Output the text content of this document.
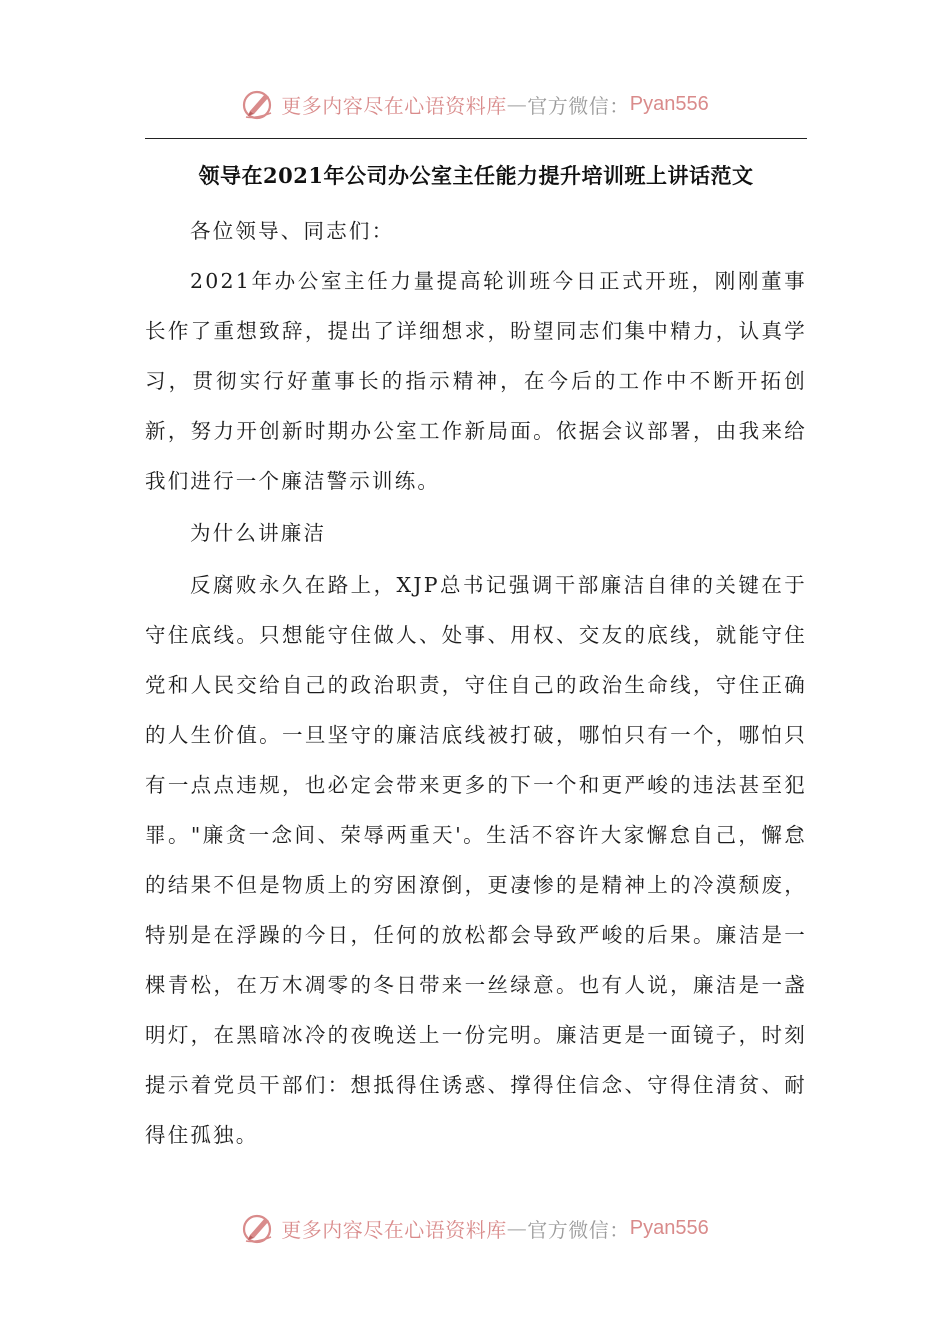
更多内容尽在心语资料库 — 官方微信： Pyan556
领导在2021年公司办公室主任能力提升培训班上讲话范文

各位领导、同志们：

2021年办公室主任力量提高轮训班今日正式开班，刚刚董事长作了重想致辞，提出了详细想求，盼望同志们集中精力，认真学习，贯彻实行好董事长的指示精神，在今后的工作中不断开拓创新，努力开创新时期办公室工作新局面。依据会议部署，由我来给我们进行一个廉洁警示训练。

为什么讲廉洁

反腐败永久在路上，XJP总书记强调干部廉洁自律的关键在于守住底线。只想能守住做人、处事、用权、交友的底线，就能守住党和人民交给自己的政治职责，守住自己的政治生命线，守住正确的人生价值。一旦坚守的廉洁底线被打破，哪怕只有一个，哪怕只有一点点违规，也必定会带来更多的下一个和更严峻的违法甚至犯罪。"廉贪一念间、荣辱两重天'。生活不容许大家懈怠自己，懈怠的结果不但是物质上的穷困潦倒，更凄惨的是精神上的冷漠颓废，特别是在浮躁的今日，任何的放松都会导致严峻的后果。廉洁是一棵青松，在万木凋零的冬日带来一丝绿意。也有人说，廉洁是一盏明灯，在黑暗冰冷的夜晚送上一份完明。廉洁更是一面镜子，时刻提示着党员干部们：想抵得住诱惑、撑得住信念、守得住清贫、耐得住孤独。

更多内容尽在心语资料库 — 官方微信： Pyan556
